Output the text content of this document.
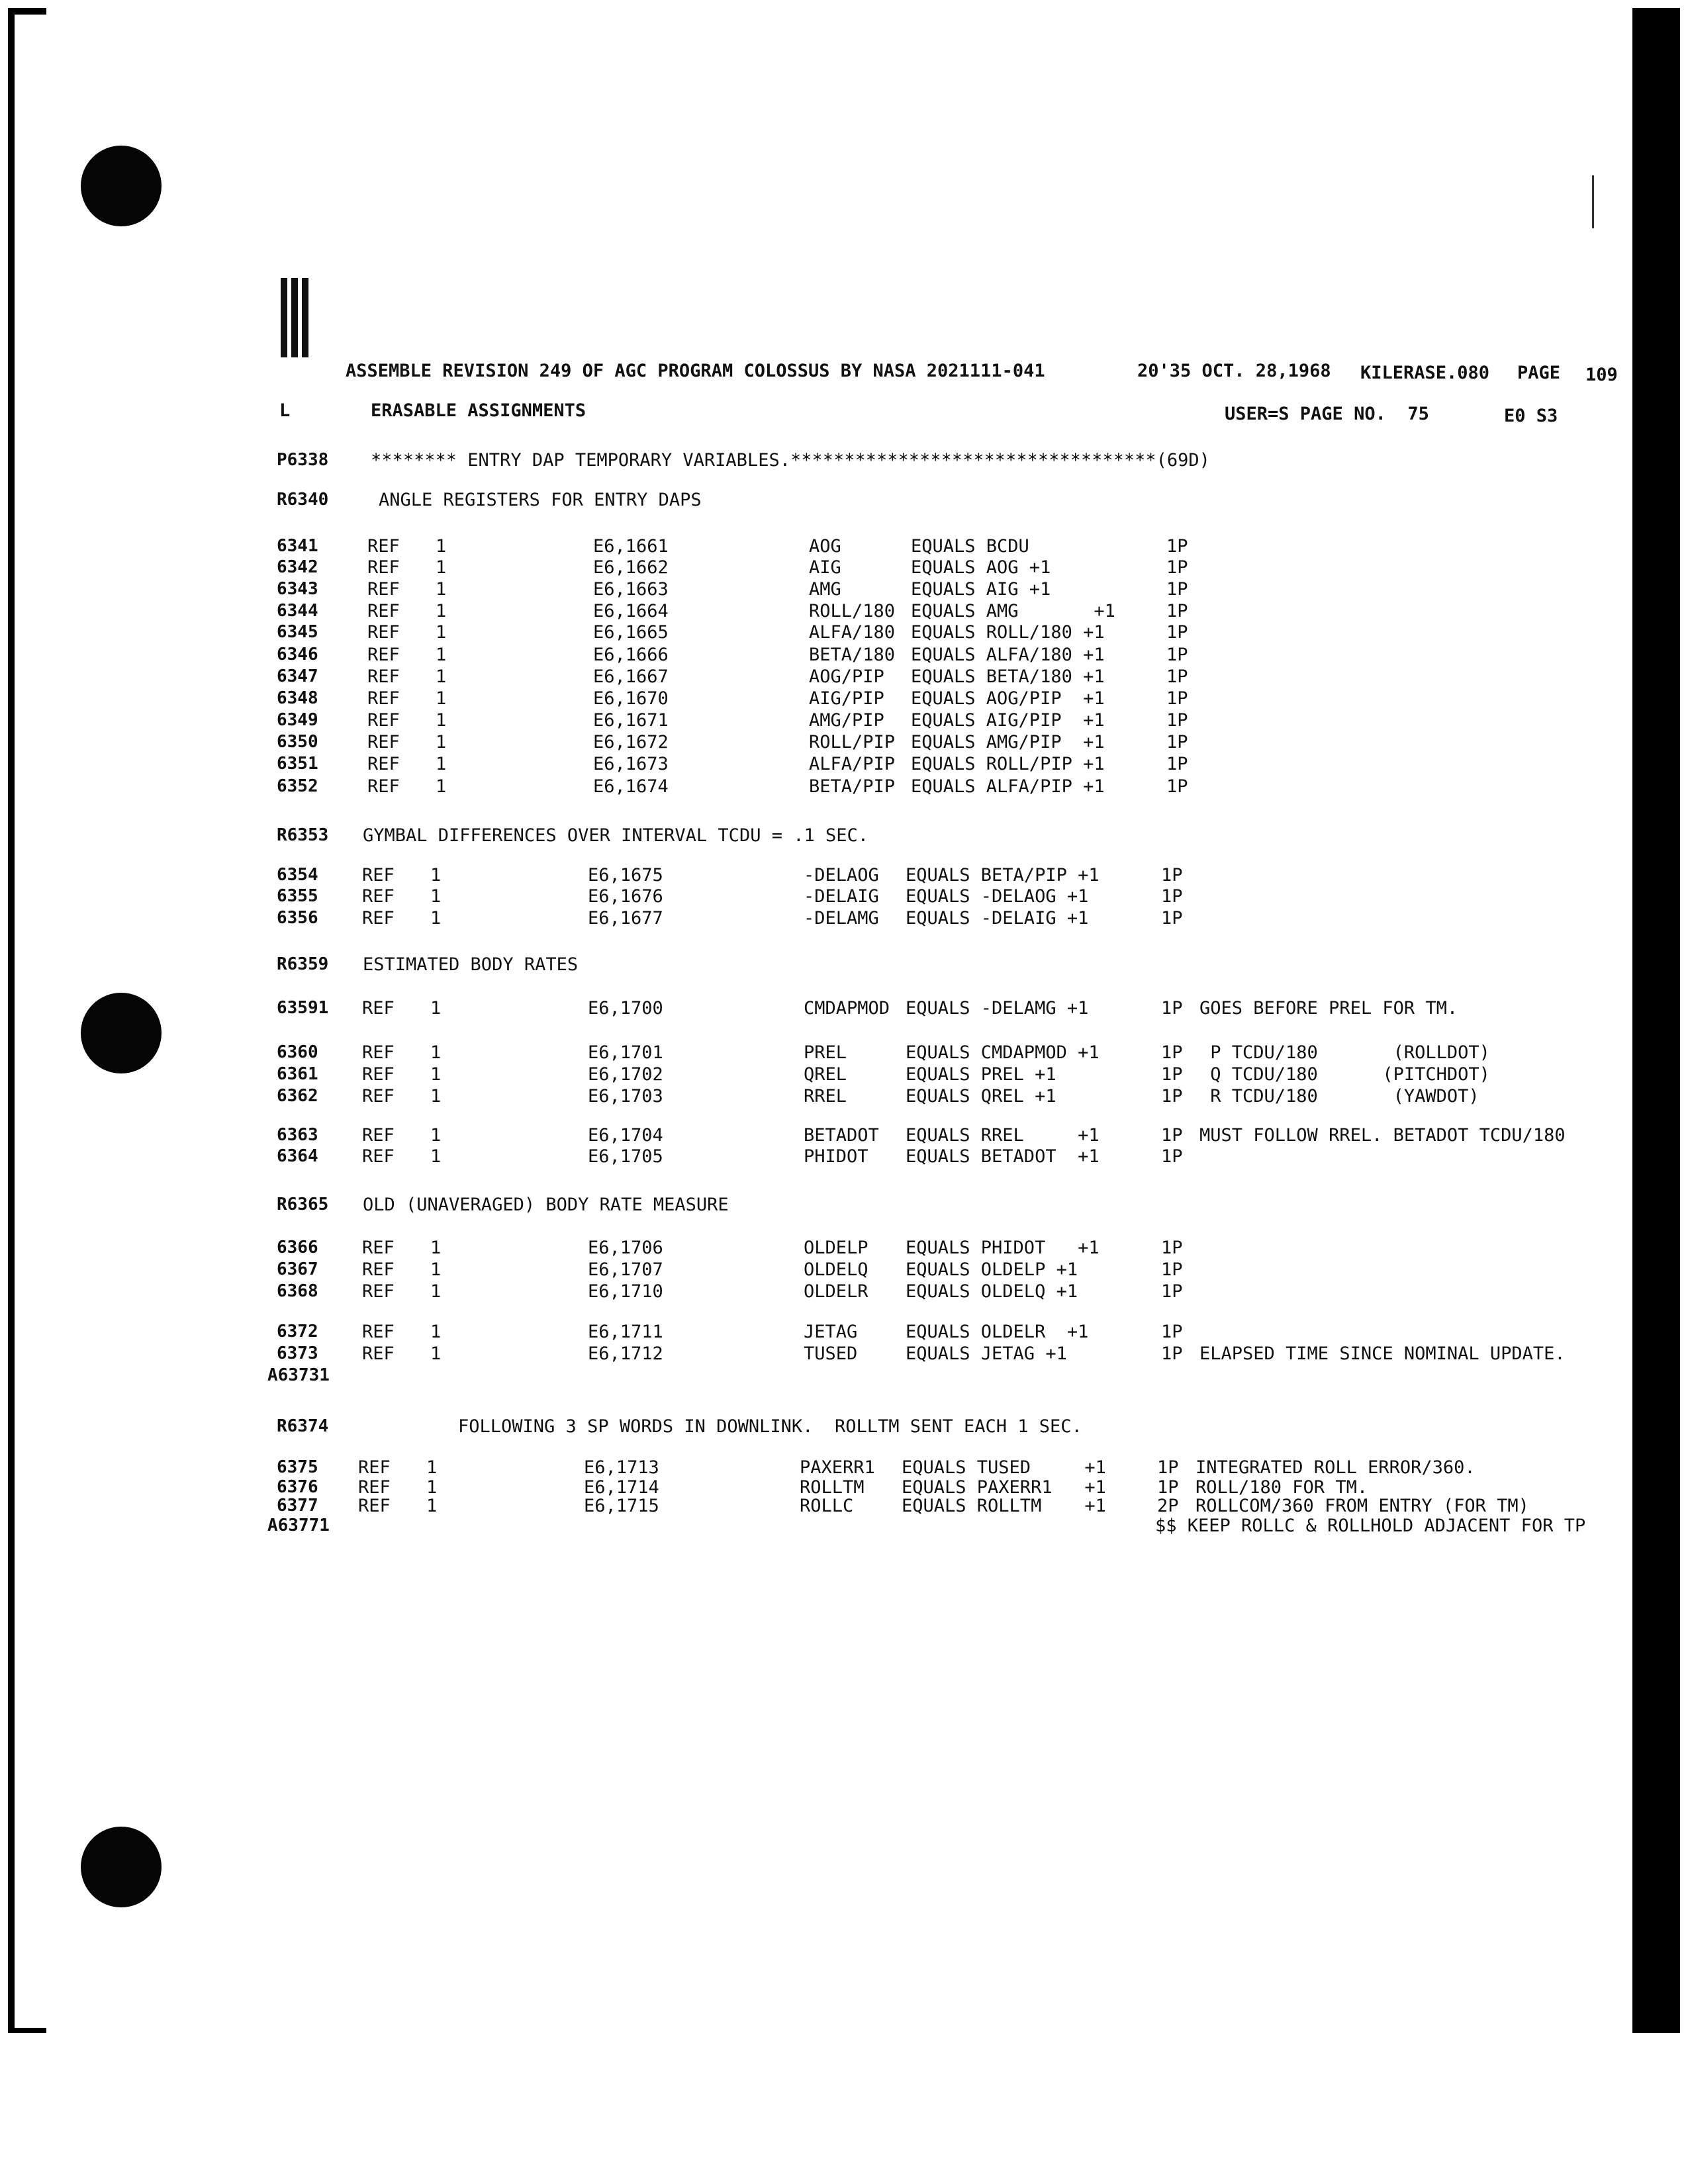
ASSEMBLE REVISION 249 OF AGC PROGRAM COLOSSUS BY NASA 2021111-041	20'35 OCT. 28,1968 KILERASE.080 PAGE 109
L	ERASABLE ASSIGNMENTS	USER=S PAGE NO.  75	E0 S3
P6338 ******** ENTRY DAP TEMPORARY VARIABLES.**********************************(69D)
R6340	ANGLE REGISTERS FOR ENTRY DAPS
R6353 GYMBAL DIFFERENCES OVER INTERVAL TCDU = .1 SEC.
R6359 ESTIMATED BODY RATES
R6365 OLD (UNAVERAGED) BODY RATE MEASURE
R6374	FOLLOWING 3 SP WORDS IN DOWNLINK.  ROLLTM SENT EACH 1 SEC.
6341	REF 1	E6,1661	AOG	EQUALS BCDU	1P
6342	REF 1	E6,1662	AIG	EQUALS AOG +1	1P
6343	REF 1	E6,1663	AMG	EQUALS AIG +1	1P
6344	REF 1	E6,1664	ROLL/180 EQUALS AMG       +1	1P
6345	REF 1	E6,1665	ALFA/180 EQUALS ROLL/180 +1	1P
6346	REF 1	E6,1666	BETA/180 EQUALS ALFA/180 +1	1P
6347	REF 1	E6,1667	AOG/PIP EQUALS BETA/180 +1	1P
6348	REF 1	E6,1670	AIG/PIP EQUALS AOG/PIP  +1	1P
6349	REF 1	E6,1671	AMG/PIP EQUALS AIG/PIP  +1	1P
6350	REF 1	E6,1672	ROLL/PIP EQUALS AMG/PIP  +1	1P
6351	REF 1	E6,1673	ALFA/PIP EQUALS ROLL/PIP +1	1P
6352	REF 1	E6,1674	BETA/PIP EQUALS ALFA/PIP +1	1P
6354 REF 1	E6,1675	-DELAOG EQUALS BETA/PIP +1	1P
6355 REF 1	E6,1676	-DELAIG EQUALS -DELAOG +1	1P
6356 REF 1	E6,1677	-DELAMG EQUALS -DELAIG +1	1P
63591 REF 1	E6,1700	CMDAPMOD EQUALS -DELAMG +1	1P GOES BEFORE PREL FOR TM.
6360 REF 1	E6,1701	PREL	EQUALS CMDAPMOD +1	1P P TCDU/180       (ROLLDOT)
6361 REF 1	E6,1702	QREL	EQUALS PREL +1	1P Q TCDU/180      (PITCHDOT)
6362 REF 1	E6,1703	RREL	EQUALS QREL +1	1P R TCDU/180       (YAWDOT)
6363 REF 1	E6,1704	BETADOT EQUALS RREL     +1	1P MUST FOLLOW RREL. BETADOT TCDU/180
6364 REF 1	E6,1705	PHIDOT EQUALS BETADOT  +1	1P
6366 REF 1	E6,1706	OLDELP EQUALS PHIDOT   +1	1P
6367 REF 1	E6,1707	OLDELQ EQUALS OLDELP +1	1P
6368 REF 1	E6,1710	OLDELR EQUALS OLDELQ +1	1P
6372 REF 1	E6,1711	JETAG	EQUALS OLDELR  +1	1P
6373 REF 1	E6,1712	TUSED	EQUALS JETAG +1	1P ELAPSED TIME SINCE NOMINAL UPDATE.
6375 REF 1	E6,1713	PAXERR1 EQUALS TUSED     +1	1P INTEGRATED ROLL ERROR/360.
6376 REF 1	E6,1714	ROLLTM EQUALS PAXERR1   +1	1P ROLL/180 FOR TM.
6377 REF 1	E6,1715	ROLLC	EQUALS ROLLTM    +1	2P ROLLCOM/360 FROM ENTRY (FOR TM)
A63731
A63771	$$ KEEP ROLLC & ROLLHOLD ADJACENT FOR TP
